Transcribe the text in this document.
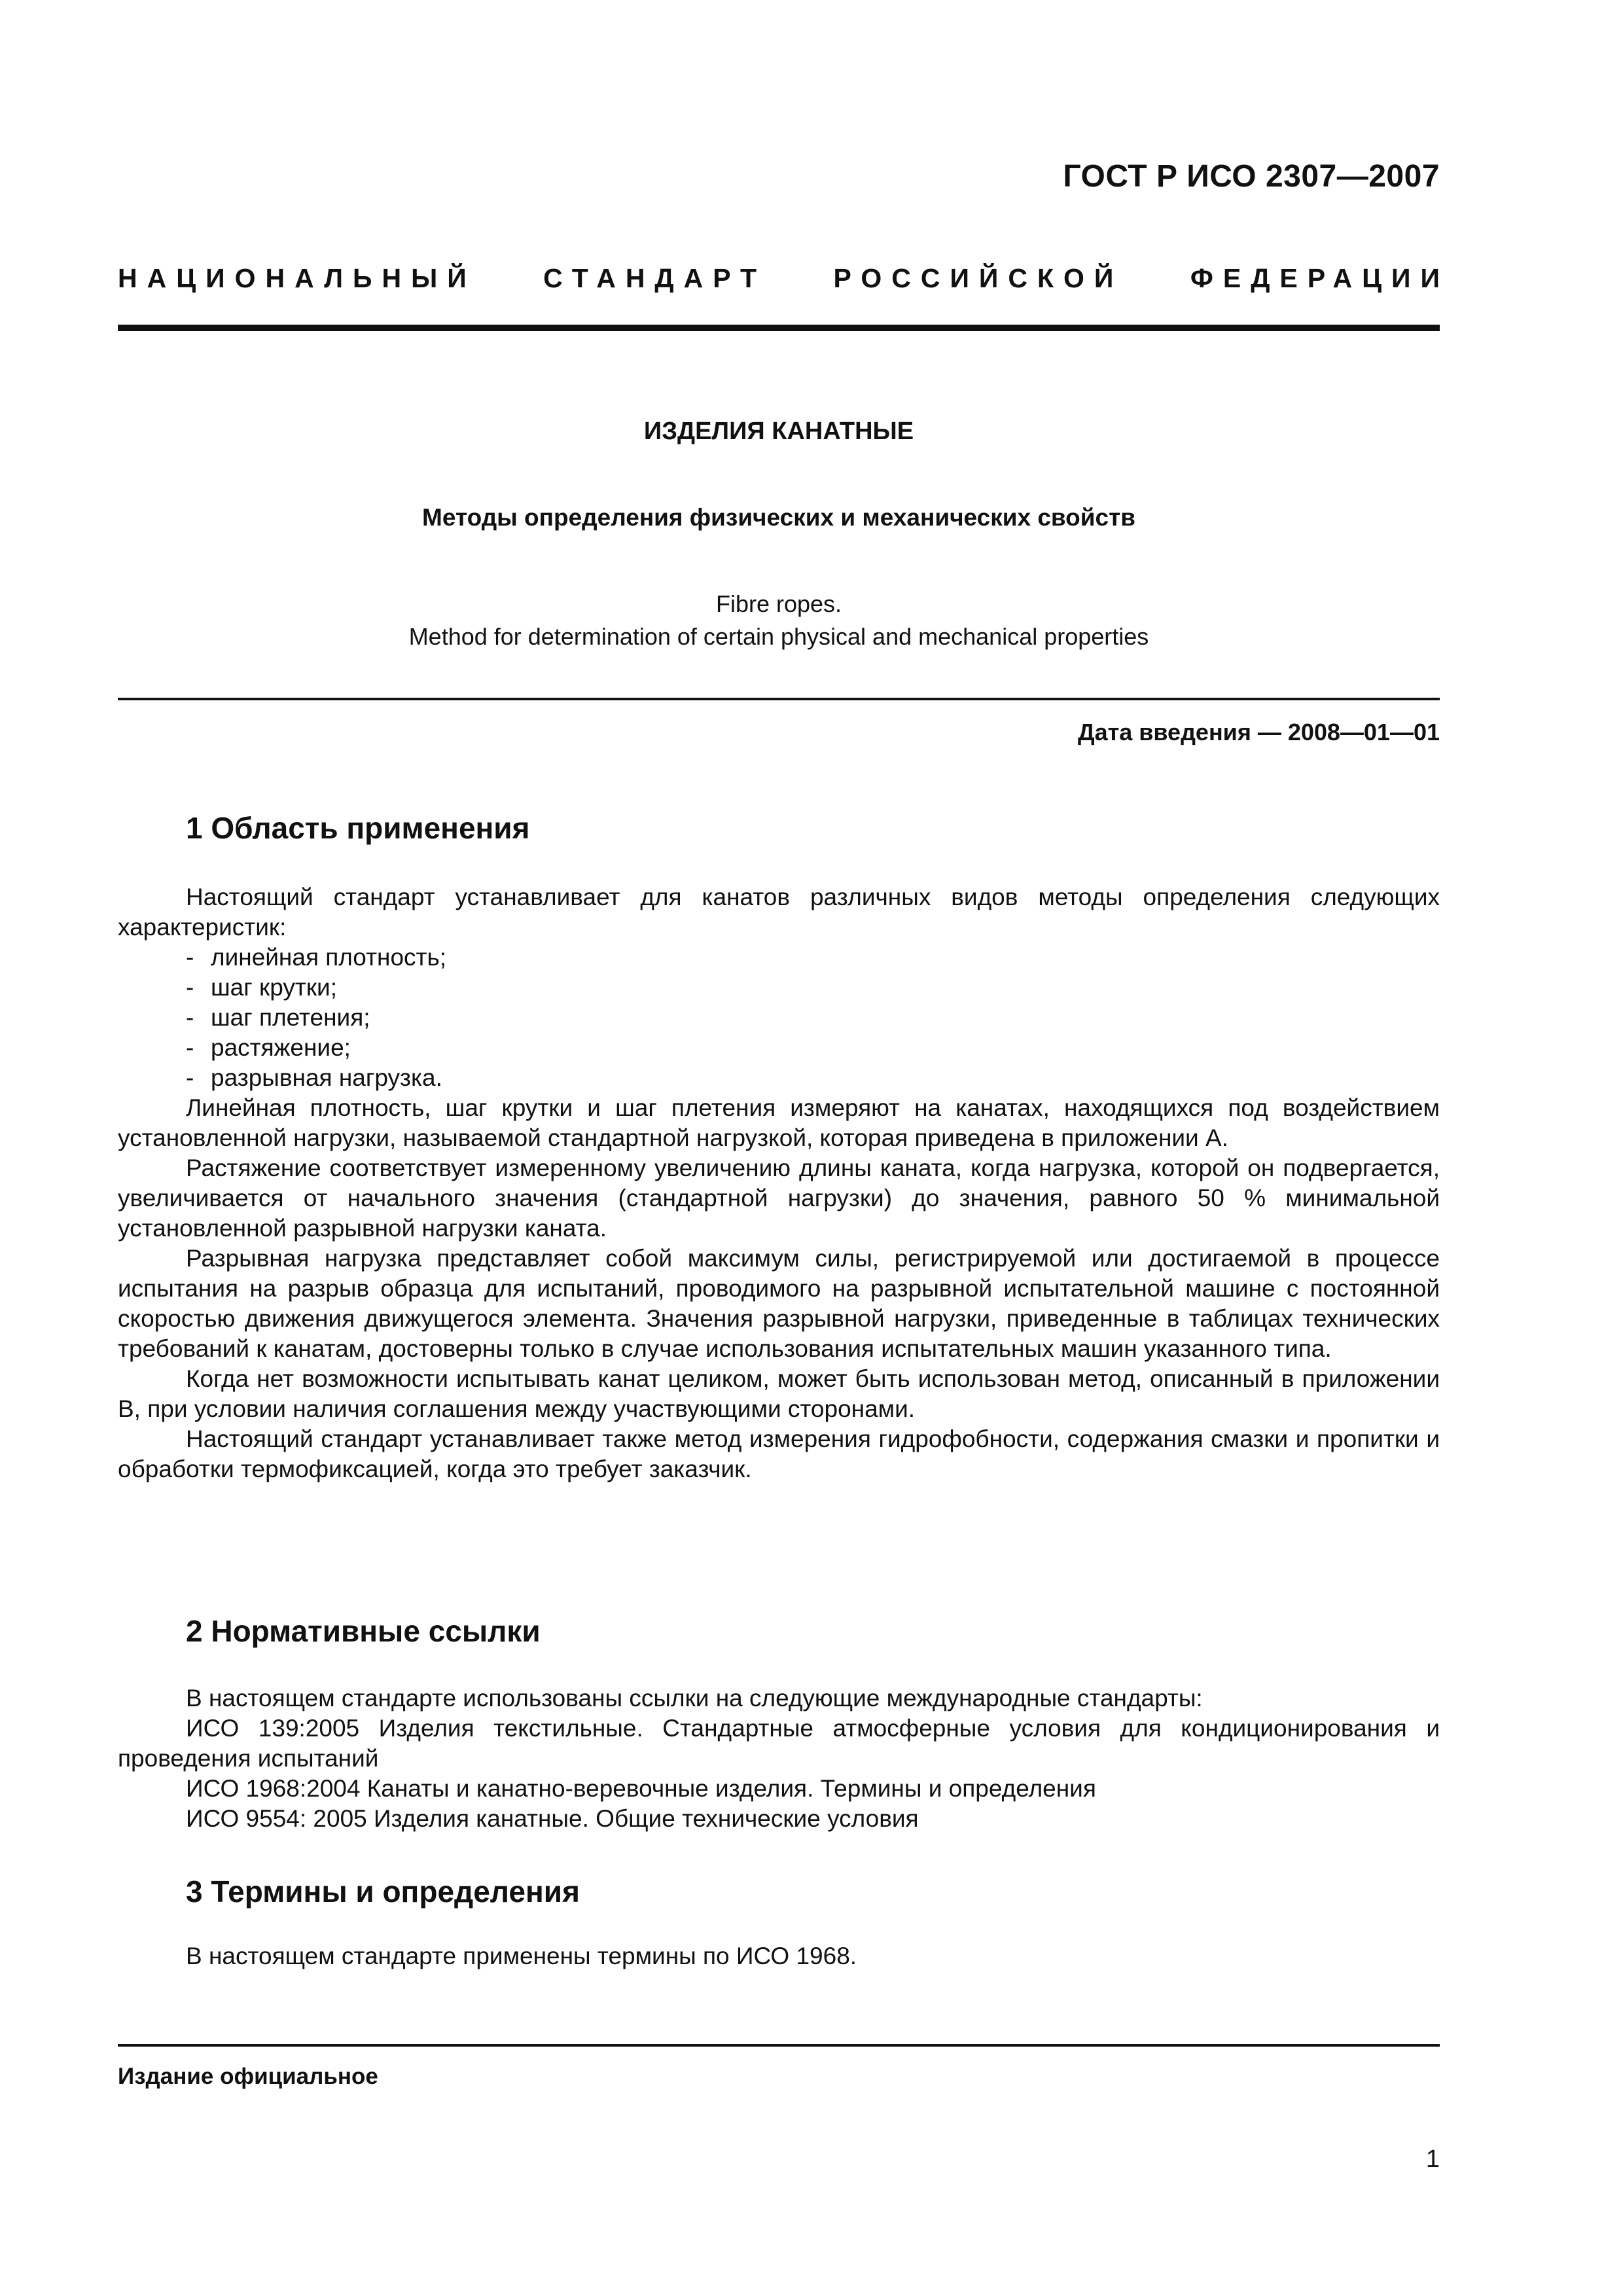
ГОСТ Р ИСО 2307—2007
НАЦИОНАЛЬНЫЙ СТАНДАРТ РОССИЙСКОЙ ФЕДЕРАЦИИ
ИЗДЕЛИЯ КАНАТНЫЕ
Методы определения физических и механических свойств
Fibre ropes.
Method for determination of certain physical and mechanical properties
Дата введения — 2008—01—01
1 Область применения

Настоящий стандарт устанавливает для канатов различных видов методы определения следующих характеристик:

- линейная плотность;
- шаг крутки;
- шаг плетения;
- растяжение;
- разрывная нагрузка.

Линейная плотность, шаг крутки и шаг плетения измеряют на канатах, находящихся под воздействием установленной нагрузки, называемой стандартной нагрузкой, которая приведена в приложении А.

Растяжение соответствует измеренному увеличению длины каната, когда нагрузка, которой он подвергается, увеличивается от начального значения (стандартной нагрузки) до значения, равного 50 % минимальной установленной разрывной нагрузки каната.

Разрывная нагрузка представляет собой максимум силы, регистрируемой или достигаемой в процессе испытания на разрыв образца для испытаний, проводимого на разрывной испытательной машине с постоянной скоростью движения движущегося элемента. Значения разрывной нагрузки, приведенные в таблицах технических требований к канатам, достоверны только в случае использования испытательных машин указанного типа.

Когда нет возможности испытывать канат целиком, может быть использован метод, описанный в приложении В, при условии наличия соглашения между участвующими сторонами.

Настоящий стандарт устанавливает также метод измерения гидрофобности, содержания смазки и пропитки и обработки термофиксацией, когда это требует заказчик.

2 Нормативные ссылки

В настоящем стандарте использованы ссылки на следующие международные стандарты:

ИСО 139:2005 Изделия текстильные. Стандартные атмосферные условия для кондиционирования и проведения испытаний

ИСО 1968:2004 Канаты и канатно-веревочные изделия. Термины и определения

ИСО 9554: 2005 Изделия канатные. Общие технические условия

3 Термины и определения

В настоящем стандарте применены термины по ИСО 1968.

Издание официальное
1
